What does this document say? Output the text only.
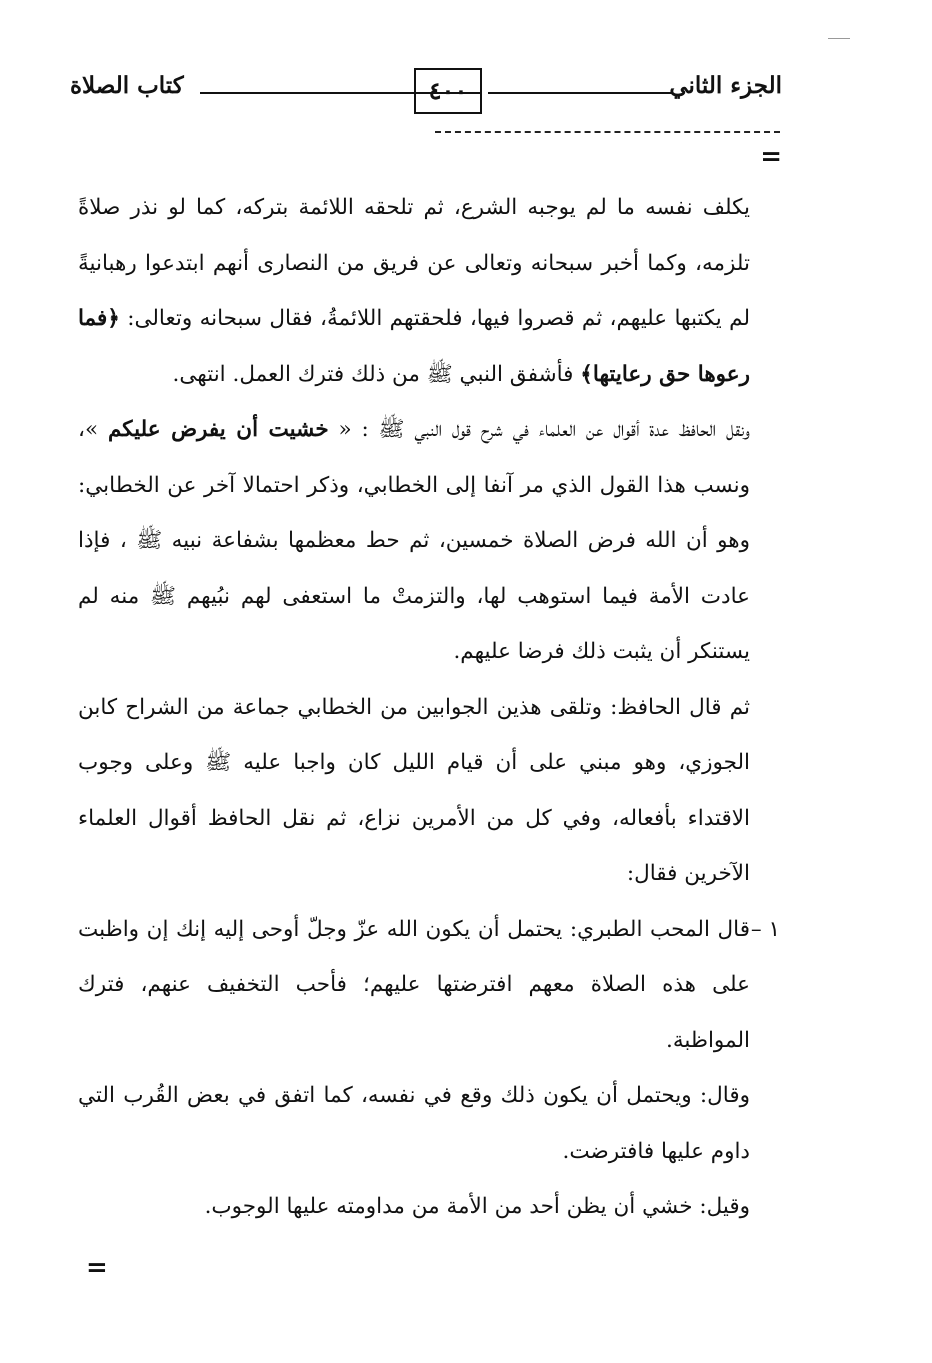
الجزء الثاني
٤٠٠
كتاب الصلاة
=

يكلف نفسه ما لم يوجبه الشرع، ثم تلحقه اللائمة بتركه، كما لو نذر صلاةً تلزمه، وكما أخبر سبحانه وتعالى عن فريق من النصارى أنهم ابتدعوا رهبانيةً لم يكتبها عليهم، ثم قصروا فيها، فلحقتهم اللائمةُ، فقال سبحانه وتعالى: ﴿فما رعوها حق رعايتها﴾ فأشفق النبي ﷺ من ذلك فترك العمل. انتهى.

ونقل الحافظ عدة أقوال عن العلماء في شرح قول النبي ﷺ : « خشيت أن يفرض عليكم »، ونسب هذا القول الذي مر آنفا إلى الخطابي، وذكر احتمالا آخر عن الخطابي: وهو أن الله فرض الصلاة خمسين، ثم حط معظمها بشفاعة نبيه ﷺ ، فإذا عادت الأمة فيما استوهب لها، والتزمتْ ما استعفى لهم نبُيهم ﷺ منه لم يستنكر أن يثبت ذلك فرضا عليهم.

ثم قال الحافظ: وتلقى هذين الجوابين من الخطابي جماعة من الشراح كابن الجوزي، وهو مبني على أن قيام الليل كان واجبا عليه ﷺ وعلى وجوب الاقتداء بأفعاله، وفي كل من الأمرين نزاع، ثم نقل الحافظ أقوال العلماء الآخرين فقال:

١ –
قال المحب الطبري: يحتمل أن يكون الله عزّ وجلّ أوحى إليه إنك إن واظبت على هذه الصلاة معهم افترضتها عليهم؛ فأحب التخفيف عنهم، فترك المواظبة.

وقال: ويحتمل أن يكون ذلك وقع في نفسه، كما اتفق في بعض القُرب التي داوم عليها فافترضت.

وقيل: خشي أن يظن أحد من الأمة من مداومته عليها الوجوب.

=
